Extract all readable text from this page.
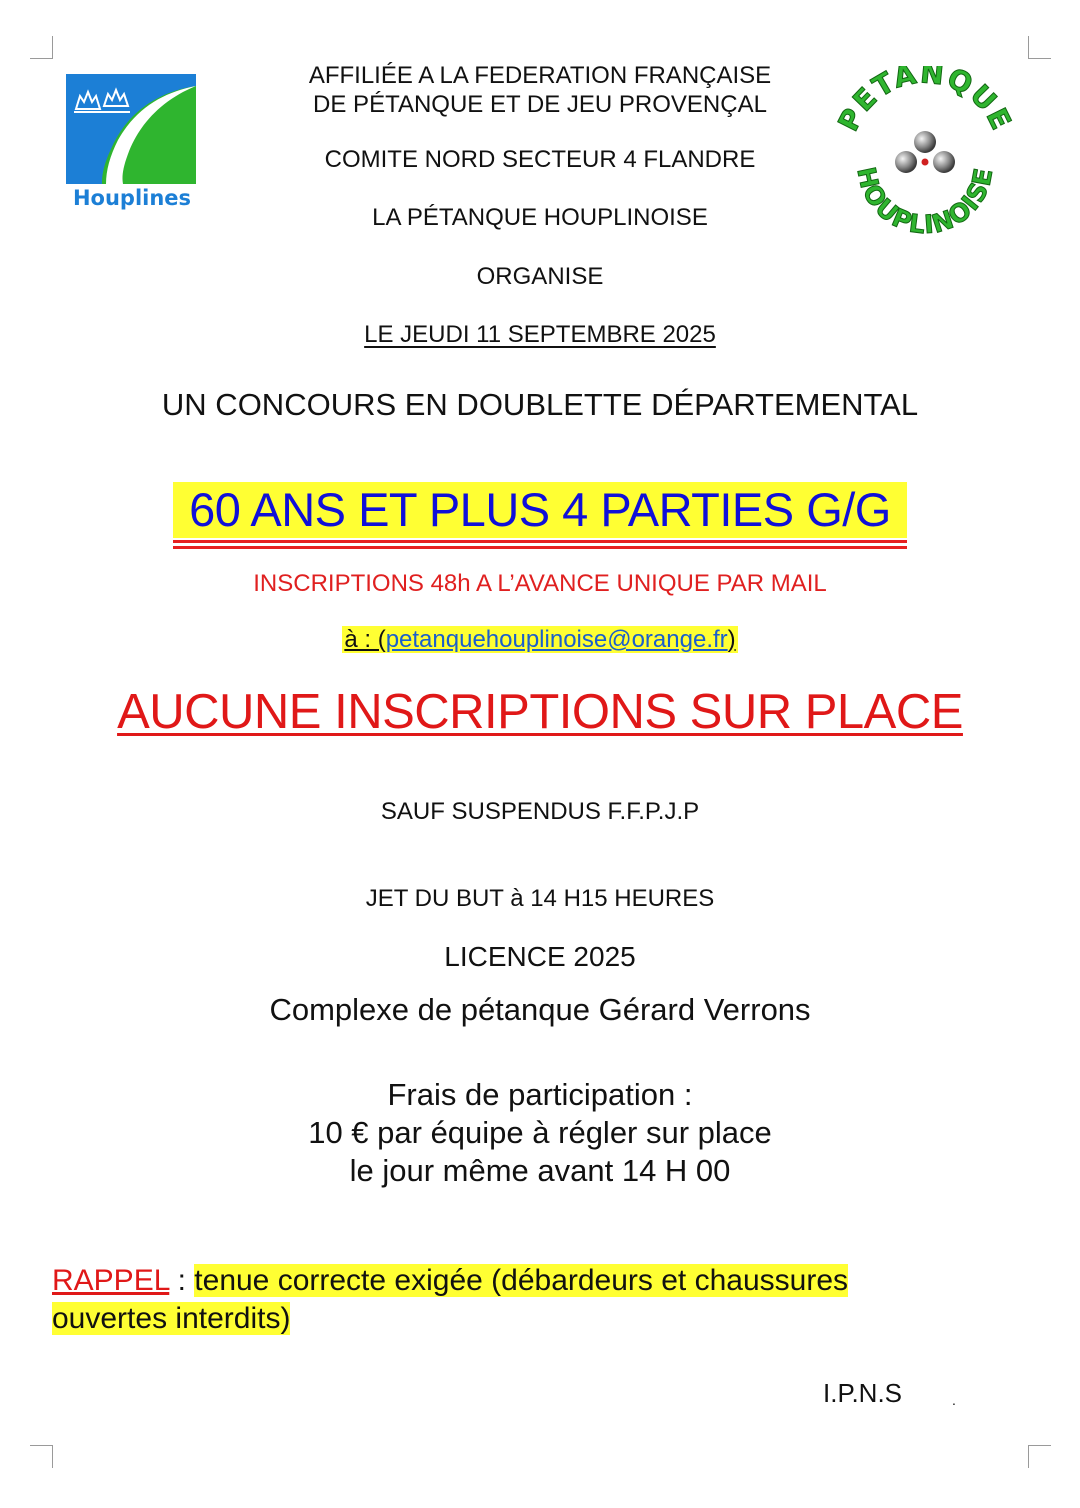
Houplines
PETANQUE
HOUPLINOISE
AFFILIÉE A LA FEDERATION FRANÇAISE
DE PÉTANQUE ET DE JEU PROVENÇAL
COMITE NORD SECTEUR 4 FLANDRE
LA PÉTANQUE HOUPLINOISE
ORGANISE
LE JEUDI 11 SEPTEMBRE 2025
UN CONCOURS EN DOUBLETTE DÉPARTEMENTAL
60 ANS ET PLUS 4 PARTIES G/G
INSCRIPTIONS 48h A L’AVANCE UNIQUE PAR MAIL
à : (petanquehouplinoise@orange.fr)
AUCUNE INSCRIPTIONS SUR PLACE
SAUF SUSPENDUS F.F.P.J.P
JET DU BUT à 14 H15 HEURES
LICENCE 2025
Complexe de pétanque Gérard Verrons
Frais de participation :
10 € par équipe à régler sur place
le jour même avant 14 H 00
RAPPEL : tenue correcte exigée (débardeurs et chaussures ouvertes interdits)
I.P.N.S	.
